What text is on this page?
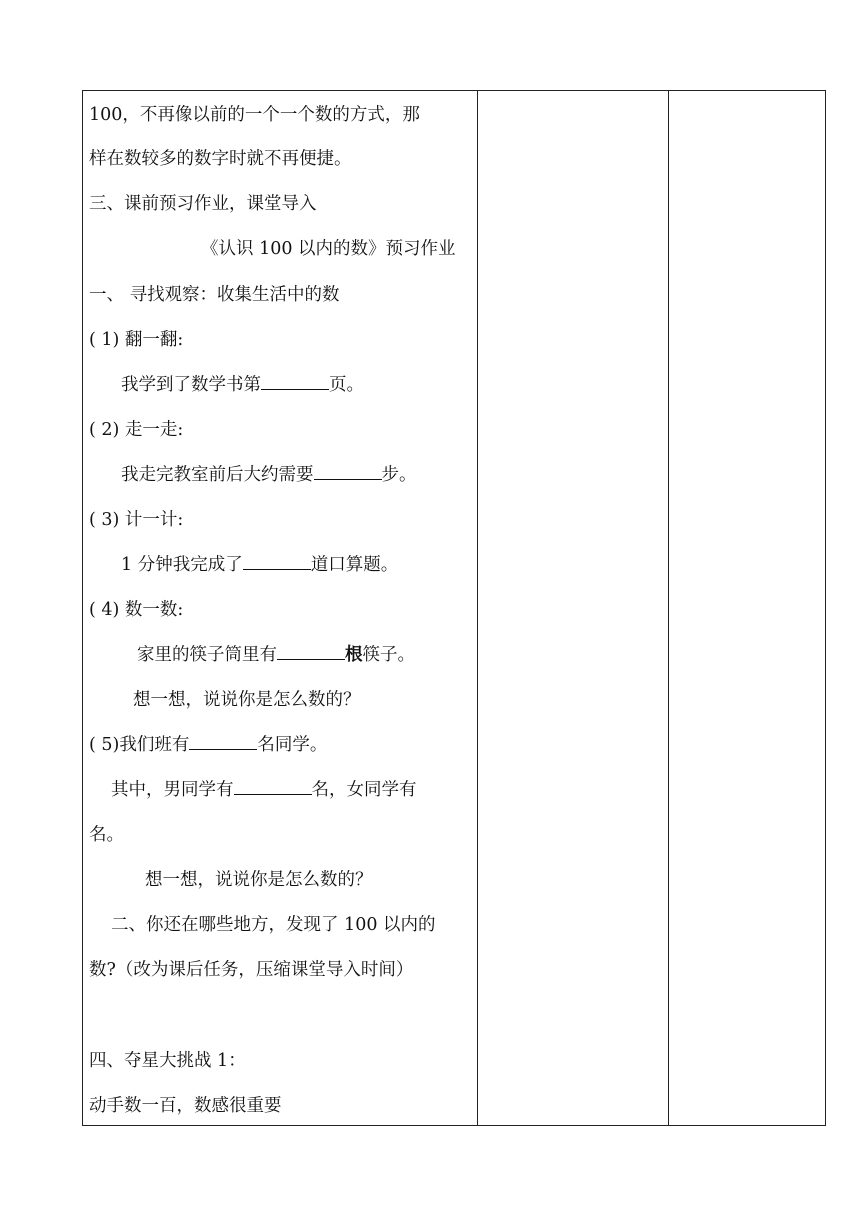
100，不再像以前的一个一个数的方式，那
样在数较多的数字时就不再便捷。
三、课前预习作业，课堂导入
《认识 100 以内的数》预习作业
一、 寻找观察：收集生活中的数
( 1) 翻一翻:
我学到了数学书第	页。
( 2) 走一走:
我走完教室前后大约需要	步。
( 3) 计一计:
1 分钟我完成了	道口算题。
( 4) 数一数:
家里的筷子筒里有	根筷子。
想一想，说说你是怎么数的？
( 5)我们班有	名同学。
其中，男同学有	名，女同学有
名。
想一想，说说你是怎么数的？
二、你还在哪些地方，发现了 100 以内的
数?（改为课后任务，压缩课堂导入时间）
四、夺星大挑战 1：
动手数一百，数感很重要
